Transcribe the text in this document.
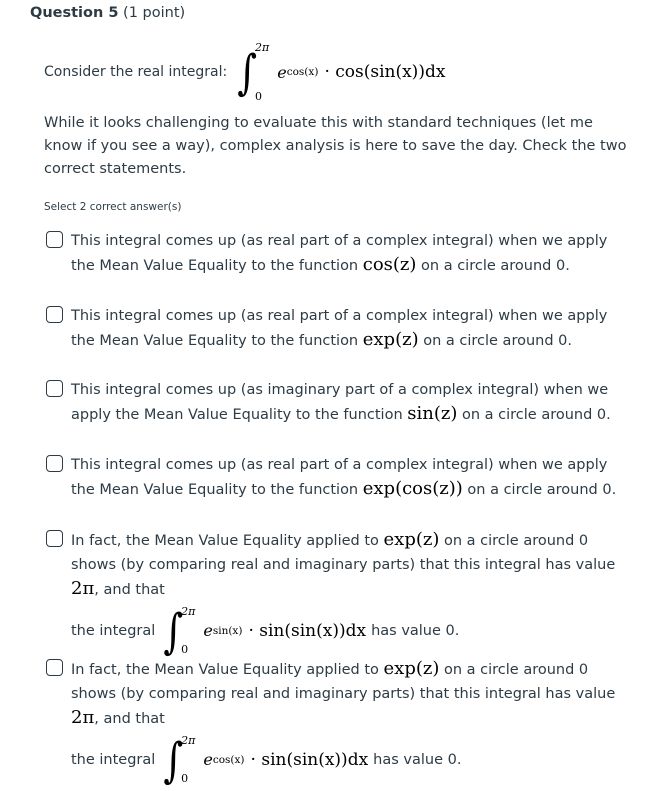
Question 5 (1 point)
Consider the real integral: ∫
2π
0
e cos(x) · cos(sin(x))dx
While it looks challenging to evaluate this with standard techniques (let me know if you see a way), complex analysis is here to save the day. Check the two correct statements.
Select 2 correct answer(s)
This integral comes up (as real part of a complex integral) when we apply the Mean Value Equality to the function cos(z) on a circle around 0.
This integral comes up (as real part of a complex integral) when we apply the Mean Value Equality to the function exp(z) on a circle around 0.
This integral comes up (as imaginary part of a complex integral) when we apply the Mean Value Equality to the function sin(z) on a circle around 0.
This integral comes up (as real part of a complex integral) when we apply the Mean Value Equality to the function exp(cos(z)) on a circle around 0.
In fact, the Mean Value Equality applied to exp(z) on a circle around 0 shows (by comparing real and imaginary parts) that this integral has value 2π, and that
the integral ∫
2π
0
e sin(x) · sin(sin(x))dx has value 0.
In fact, the Mean Value Equality applied to exp(z) on a circle around 0 shows (by comparing real and imaginary parts) that this integral has value 2π, and that
the integral ∫
2π
0
e cos(x) · sin(sin(x))dx has value 0.
